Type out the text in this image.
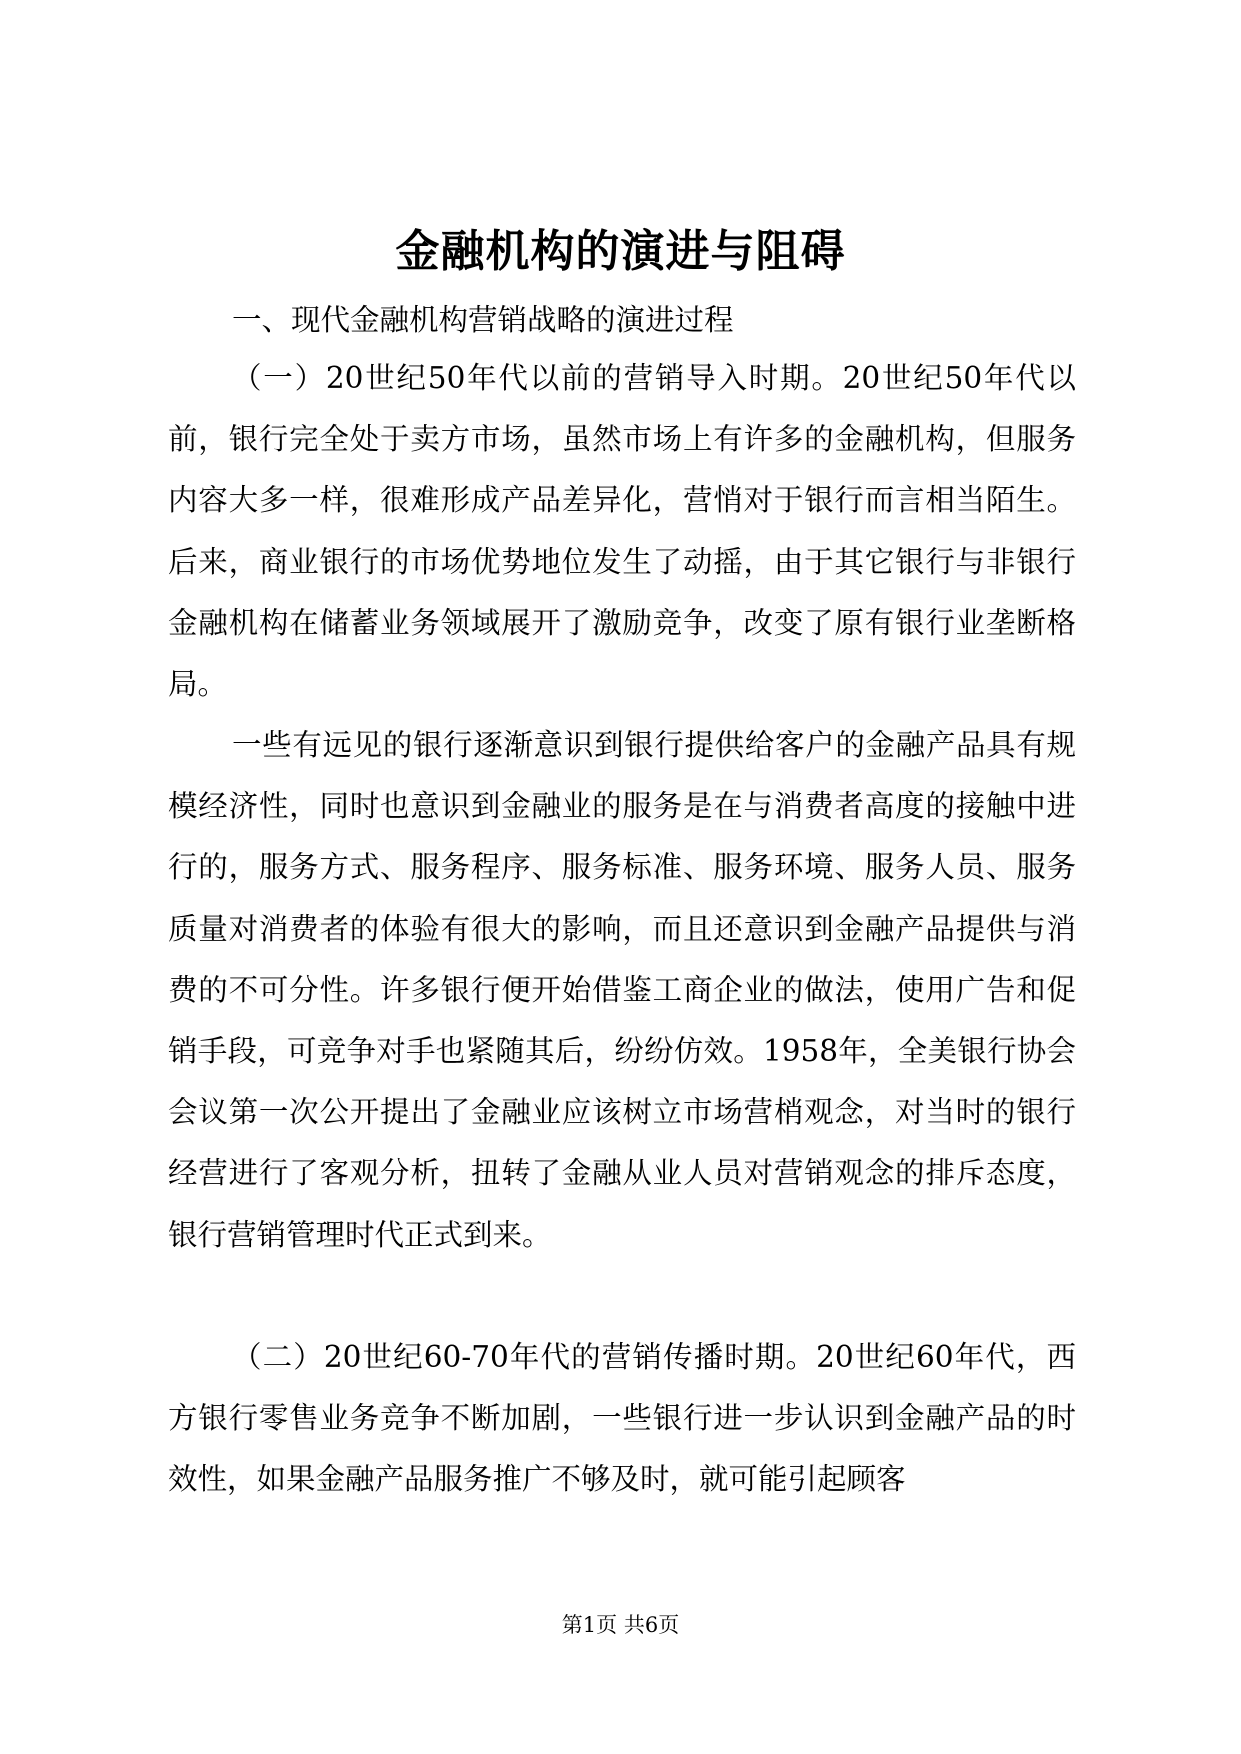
金融机构的演进与阻碍
一、现代金融机构营销战略的演进过程

（一）20世纪50年代以前的营销导入时期。20世纪50年代以前，银行完全处于卖方市场，虽然市场上有许多的金融机构，但服务内容大多一样，很难形成产品差异化，营悄对于银行而言相当陌生。后来，商业银行的市场优势地位发生了动摇，由于其它银行与非银行金融机构在储蓄业务领域展开了激励竞争，改变了原有银行业垄断格局。

一些有远见的银行逐渐意识到银行提供给客户的金融产品具有规模经济性，同时也意识到金融业的服务是在与消费者高度的接触中进行的，服务方式、服务程序、服务标准、服务环境、服务人员、服务质量对消费者的体验有很大的影响，而且还意识到金融产品提供与消费的不可分性。许多银行便开始借鉴工商企业的做法，使用广告和促销手段，可竞争对手也紧随其后，纷纷仿效。1958年，全美银行协会会议第一次公开提出了金融业应该树立市场营梢观念，对当时的银行经营进行了客观分析，扭转了金融从业人员对营销观念的排斥态度，银行营销管理时代正式到来。

（二）20世纪60-70年代的营销传播时期。20世纪60年代，西方银行零售业务竞争不断加剧，一些银行进一步认识到金融产品的时效性，如果金融产品服务推广不够及时，就可能引起顾客

第1页 共6页
